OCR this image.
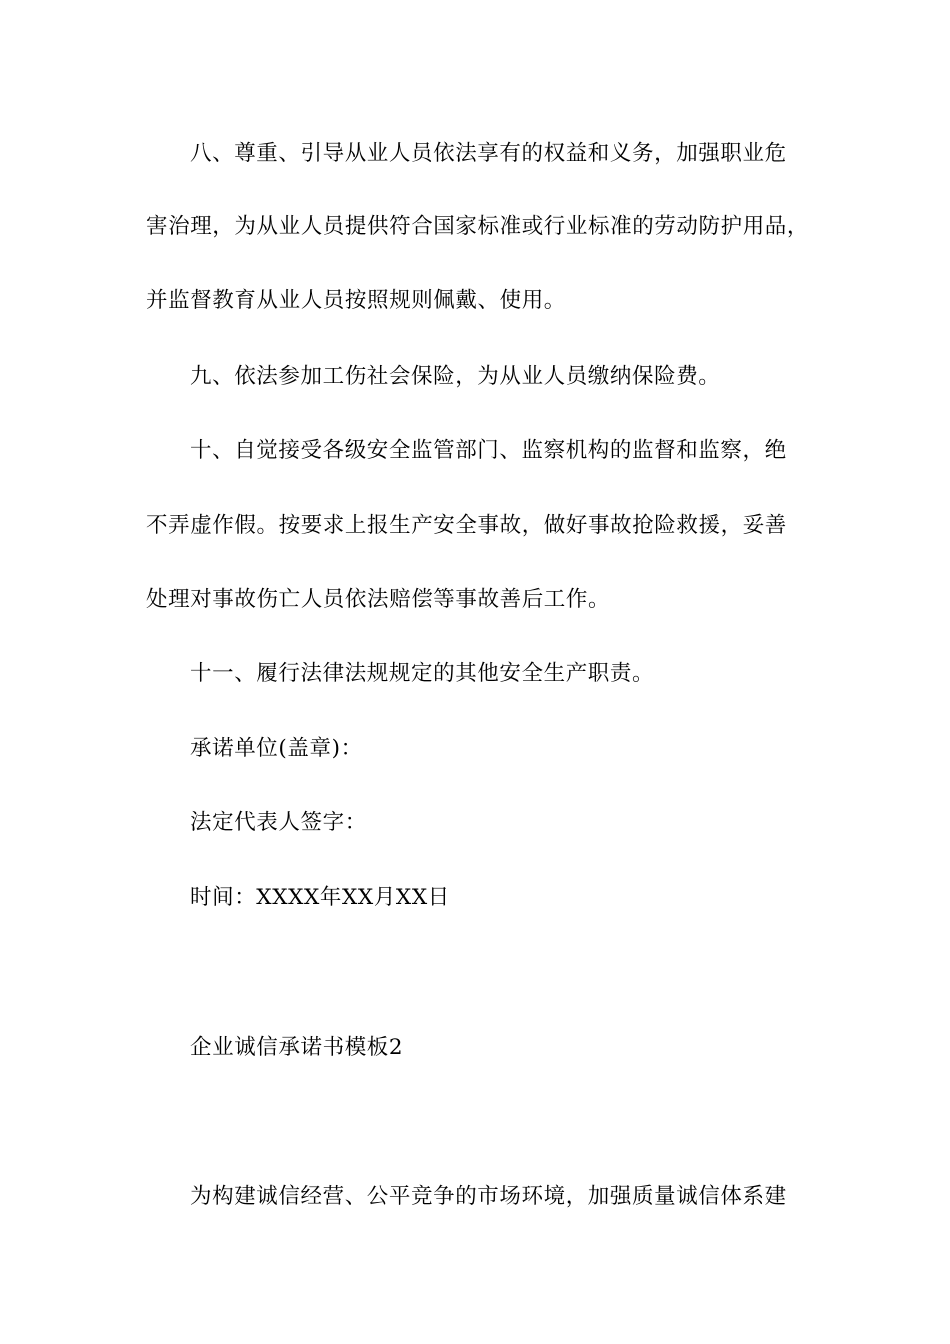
八、尊重、引导从业人员依法享有的权益和义务，加强职业危
害治理，为从业人员提供符合国家标准或行业标准的劳动防护用品，
并监督教育从业人员按照规则佩戴、使用。
九、依法参加工伤社会保险，为从业人员缴纳保险费。
十、自觉接受各级安全监管部门、监察机构的监督和监察，绝
不弄虚作假。按要求上报生产安全事故，做好事故抢险救援，妥善
处理对事故伤亡人员依法赔偿等事故善后工作。
十一、履行法律法规规定的其他安全生产职责。
承诺单位(盖章)：
法定代表人签字：
时间：XXXX年XX月XX日
企业诚信承诺书模板2
为构建诚信经营、公平竞争的市场环境，加强质量诚信体系建
